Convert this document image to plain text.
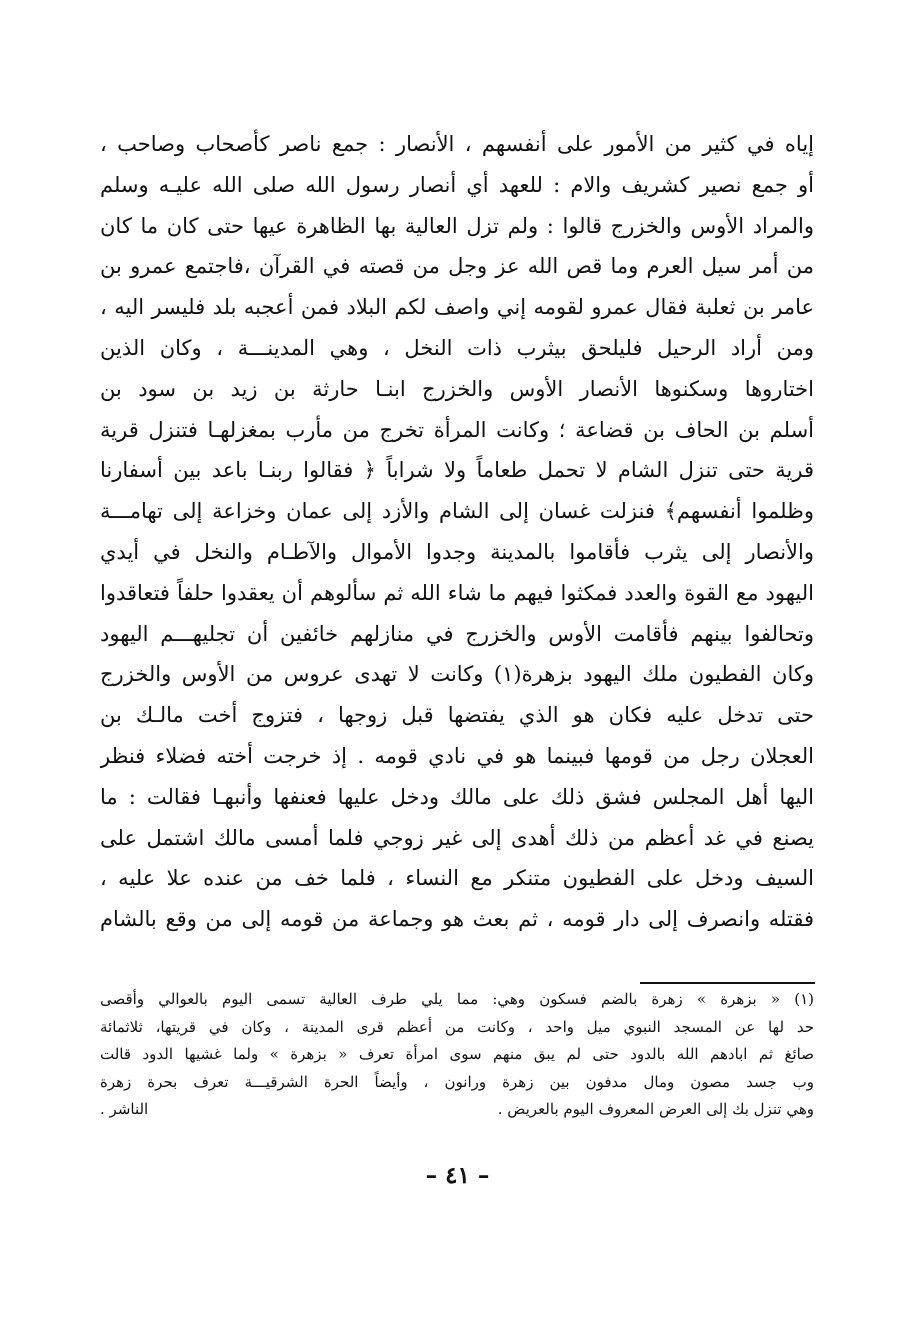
إياه في كثير من الأمور على أنفسهم ، الأنصار : جمع ناصر كأصحاب وصاحب ،
أو جمع نصير كشريف والام : للعهد أي أنصار رسول الله صلى الله عليـه وسلم
والمراد الأوس والخزرج قالوا : ولم تزل العالية بها الظاهرة عيها حتى كان ما كان
من أمر سيل العرم وما قص الله عز وجل من قصته في القرآن ،فاجتمع عمرو بن
عامر بن ثعلبة فقال عمرو لقومه إني واصف لكم البلاد فمن أعجبه بلد فليسر اليه ،
ومن أراد الرحيل فليلحق بيثرب ذات النخل ، وهي المدينـــة ، وكان الذين
اختاروها وسكنوها الأنصار الأوس والخزرج ابنـا حارثة بن زيد بن سود بن
أسلم بن الحاف بن قضاعة ؛ وكانت المرأة تخرج من مأرب بمغزلهـا فتنزل قرية
قرية حتى تنزل الشام لا تحمل طعاماً ولا شراباً ﴿ فقالوا ربنـا باعد بين أسفارنا
وظلموا أنفسهم﴾ فنزلت غسان إلى الشام والأزد إلى عمان وخزاعة إلى تهامـــة
والأنصار إلى يثرب فأقاموا بالمدينة وجدوا الأموال والآطـام والنخل في أيدي
اليهود مع القوة والعدد فمكثوا فيهم ما شاء الله ثم سألوهم أن يعقدوا حلفاً فتعاقدوا
وتحالفوا بينهم فأقامت الأوس والخزرج في منازلهم خائفين أن تجليهـــم اليهود
وكان الفطيون ملك اليهود بزهرة(١) وكانت لا تهدى عروس من الأوس والخزرج
حتى تدخل عليه فكان هو الذي يفتضها قبل زوجها ، فتزوج أخت مالـك بن
العجلان رجل من قومها فبينما هو في نادي قومه . إذ خرجت أخته فضلاء فنظر
اليها أهل المجلس فشق ذلك على مالك ودخل عليها فعنفها وأنبهـا فقالت : ما
يصنع في غد أعظم من ذلك أهدى إلى غير زوجي فلما أمسى مالك اشتمل على
السيف ودخل على الفطيون متنكر مع النساء ، فلما خف من عنده علا عليه ،
فقتله وانصرف إلى دار قومه ، ثم بعث هو وجماعة من قومه إلى من وقع بالشام
(١) « بزهرة » زهرة بالضم فسكون وهي: مما يلي طرف العالية تسمى اليوم بالعوالي وأقصى
حد لها عن المسجد النبوي ميل واحد ، وكانت من أعظم قرى المدينة ، وكان في قريتها، ثلاثمائة
صائغ ثم ابادهم الله بالدود حتى لم يبق منهم سوى امرأة تعرف « بزهرة » ولما غشيها الدود قالت
وب جسد مصون ومال مدفون بين زهرة ورانون ، وأيضاً الحرة الشرقيـــة تعرف بحرة زهرة
وهي تنزل بك إلى العرض المعروف اليوم بالعريض .
الناشر .
– ٤١ –
